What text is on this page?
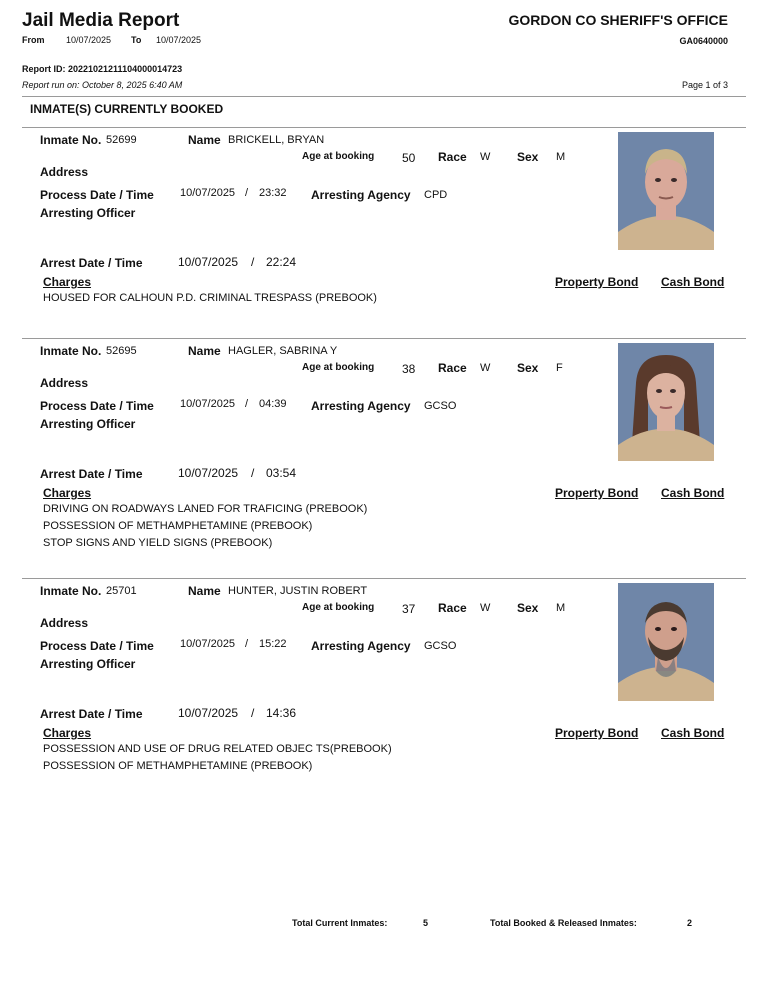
Jail Media Report	GORDON CO SHERIFF'S OFFICE
From 10/07/2025 To 10/07/2025	GA0640000
Report ID: 20221021211104000014723
Report run on: October 8, 2025 6:40 AM	Page 1 of 3
INMATE(S) CURRENTLY BOOKED
Inmate No. 52699	Name BRICKELL, BRYAN
Age at booking 50 Race W Sex M
Address
Process Date / Time 10/07/2025 / 23:32 Arresting Agency CPD
Arresting Officer
Arrest Date / Time	10/07/2025 / 22:24
Charges	Property Bond Cash Bond
HOUSED FOR CALHOUN P.D. CRIMINAL TRESPASS (PREBOOK)
Inmate No. 52695	Name HAGLER, SABRINA Y
Age at booking 38 Race W Sex F
Address
Process Date / Time 10/07/2025 / 04:39 Arresting Agency GCSO
Arresting Officer
Arrest Date / Time	10/07/2025 / 03:54
Charges	Property Bond Cash Bond
DRIVING ON ROADWAYS LANED FOR TRAFICING (PREBOOK)
POSSESSION OF METHAMPHETAMINE (PREBOOK)
STOP SIGNS AND YIELD SIGNS (PREBOOK)
Inmate No. 25701	Name HUNTER, JUSTIN ROBERT
Age at booking 37 Race W Sex M
Address
Process Date / Time 10/07/2025 / 15:22 Arresting Agency GCSO
Arresting Officer
Arrest Date / Time	10/07/2025 / 14:36
Charges	Property Bond Cash Bond
POSSESSION AND USE OF DRUG RELATED OBJEC TS(PREBOOK)
POSSESSION OF METHAMPHETAMINE (PREBOOK)
Total Current Inmates:	5	Total Booked & Released Inmates:	2
